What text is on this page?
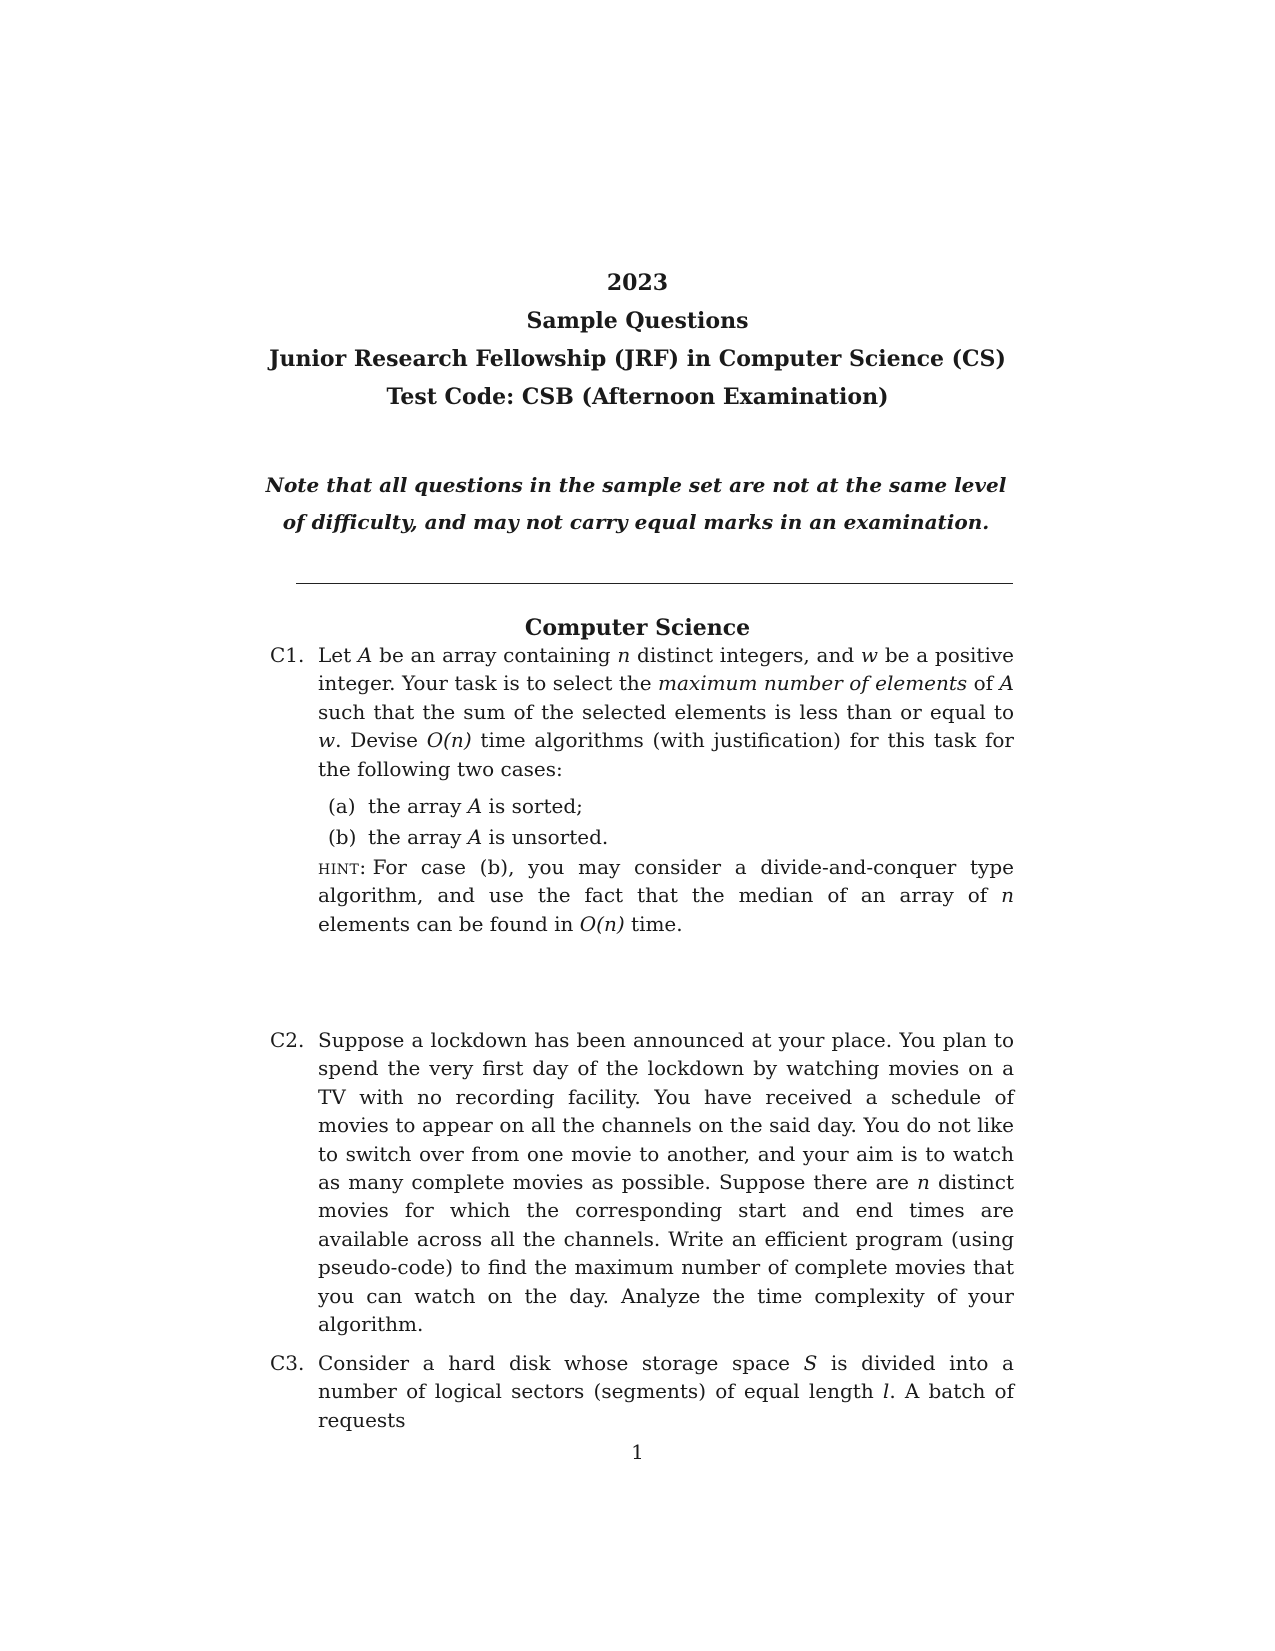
2023
Sample Questions
Junior Research Fellowship (JRF) in Computer Science (CS)
Test Code: CSB (Afternoon Examination)
Note that all questions in the sample set are not at the same level of difficulty, and may not carry equal marks in an examination.
Computer Science
C1. Let A be an array containing n distinct integers, and w be a positive integer. Your task is to select the maximum number of elements of A such that the sum of the selected elements is less than or equal to w. Devise O(n) time algorithms (with justification) for this task for the following two cases:

(a) the array A is sorted;
(b) the array A is unsorted.

hint: For case (b), you may consider a divide-and-conquer type algorithm, and use the fact that the median of an array of n elements can be found in O(n) time.

C2. Suppose a lockdown has been announced at your place. You plan to spend the very first day of the lockdown by watching movies on a TV with no recording facility. You have received a schedule of movies to appear on all the channels on the said day. You do not like to switch over from one movie to another, and your aim is to watch as many complete movies as possible. Suppose there are n distinct movies for which the corresponding start and end times are available across all the channels. Write an efficient program (using pseudo-code) to find the maximum number of complete movies that you can watch on the day. Analyze the time complexity of your algorithm.

C3. Consider a hard disk whose storage space S is divided into a number of logical sectors (segments) of equal length l. A batch of requests

1
